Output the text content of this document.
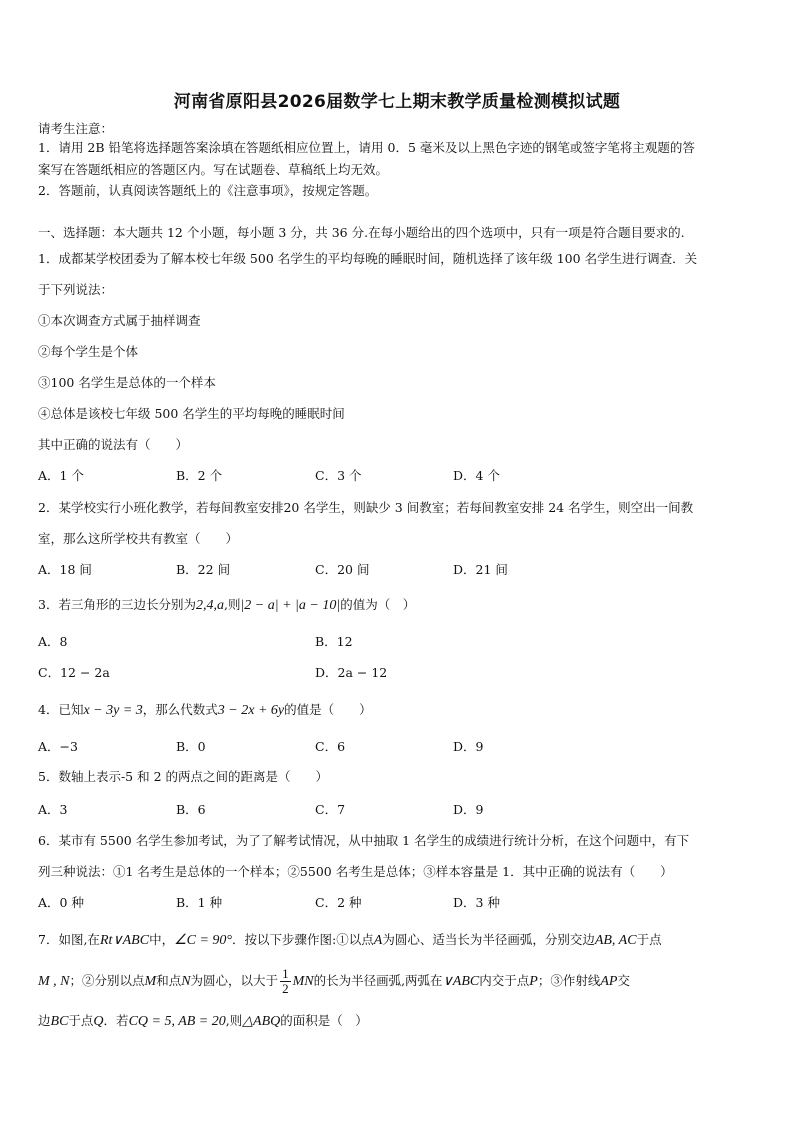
河南省原阳县2026届数学七上期末教学质量检测模拟试题
请考生注意：
1．请用 2B 铅笔将选择题答案涂填在答题纸相应位置上，请用 0．5 毫米及以上黑色字迹的钢笔或签字笔将主观题的答
案写在答题纸相应的答题区内。写在试题卷、草稿纸上均无效。
2．答题前，认真阅读答题纸上的《注意事项》，按规定答题。
一、选择题：本大题共 12 个小题，每小题 3 分，共 36 分.在每小题给出的四个选项中，只有一项是符合题目要求的.
1．成都某学校团委为了解本校七年级 500 名学生的平均每晚的睡眠时间，随机选择了该年级 100 名学生进行调查．关
于下列说法：
①本次调查方式属于抽样调查
②每个学生是个体
③100 名学生是总体的一个样本
④总体是该校七年级 500 名学生的平均每晚的睡眠时间
其中正确的说法有（　　）
A．1 个	B．2 个	C．3 个	D．4 个
2．某学校实行小班化教学，若每间教室安排20 名学生，则缺少 3 间教室；若每间教室安排 24 名学生，则空出一间教
室，那么这所学校共有教室（　　）
A．18 间	B．22 间	C．20 间	D．21 间
3．若三角形的三边长分别为2,4,a,则|2 − a| + |a − 10|的值为（　）
A．8	B．12
C．12 − 2a	D．2a − 12
4．已知x − 3y = 3，那么代数式3 − 2x + 6y的值是（　　）
A．−3	B．0	C．6	D．9
5．数轴上表示-5 和 2 的两点之间的距离是（　　）
A．3	B．6	C．7	D．9
6．某市有 5500 名学生参加考试，为了了解考试情况，从中抽取 1 名学生的成绩进行统计分析，在这个问题中，有下
列三种说法：①1 名考生是总体的一个样本；②5500 名考生是总体；③样本容量是 1．其中正确的说法有（　　）
A．0 种	B．1 种	C．2 种	D．3 种
7．如图,在Rt∨ABC中，∠C = 90°．按以下步骤作图:①以点A为圆心、适当长为半径画弧，分别交边AB, AC于点
M , N；②分别以点M和点N为圆心，以大于 $\frac{1}{2}$ MN的长为半径画弧,两弧在∨ABC内交于点P；③作射线AP交
边BC于点Q．若CQ = 5, AB = 20,则△ABQ的面积是（　）
